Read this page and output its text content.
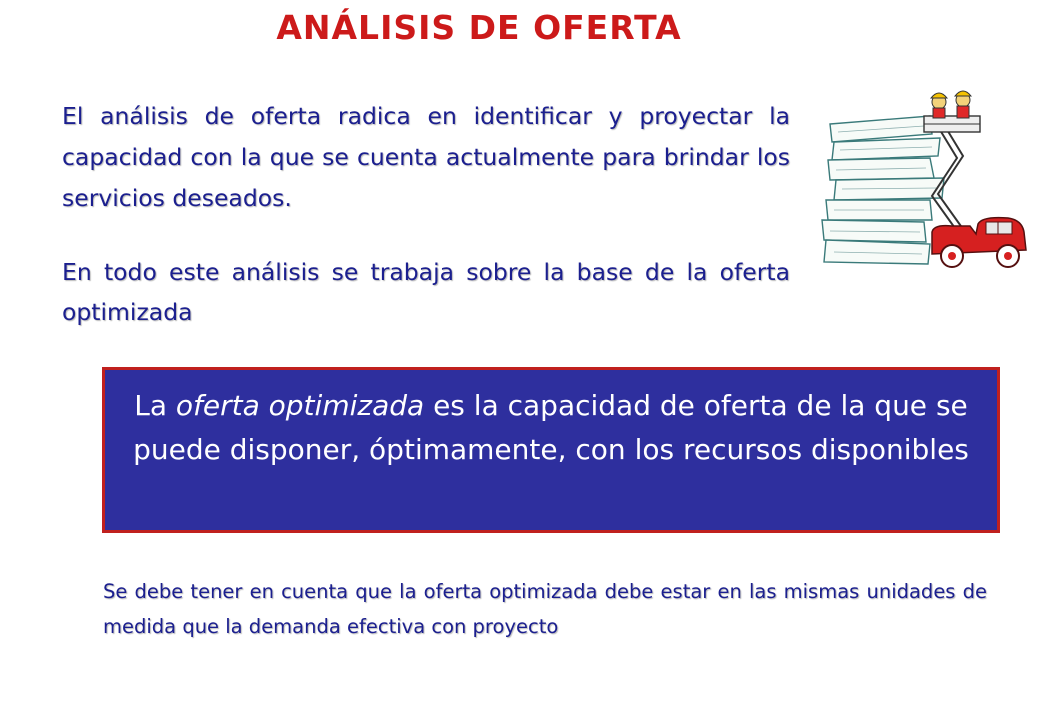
ANÁLISIS DE OFERTA
El análisis de oferta radica en identificar y proyectar la capacidad con la que se cuenta actualmente para brindar los servicios deseados.
En todo este análisis se trabaja sobre la base de la oferta optimizada
La oferta optimizada es la capacidad de oferta de la que se puede disponer, óptimamente, con los recursos disponibles
Se debe tener en cuenta que la oferta optimizada debe estar en las mismas unidades de medida que la demanda efectiva con proyecto
